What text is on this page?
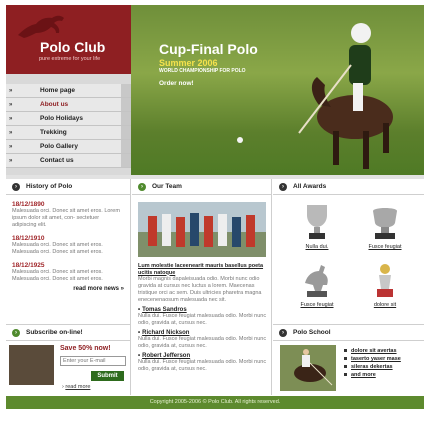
Polo Club
pure extreme for your life
»	Home page
»	About us
»	Polo Holidays
»	Trekking
»	Polo Gallery
»	Contact us
Cup-Final Polo
Summer 2006
WORLD CHAMPIONSHIP FOR POLO
Order now!
›	History of Polo
18/12/1890
Malesuada orci. Donec sit amet eros. Lorem ipsum dolor sit amet, con- sectetuer adipiscing elit.
18/12/1910
Malesuada orci. Donec sit amet eros. Malesuada orci. Donec sit amet eros.
18/12/1925
Malesuada orci. Donec sit amet eros. Malesuada orci. Donec sit amet eros.
read more news »
›	Subscribe on-line!
Save 50% now!
Enter your E-mail
Submit
› read more
›	Our Team
Lum molestie laceenearit mauris basellus poeta ucitis natoque
Morbi magnis dapaleisuada odio. Morbi nunc odio gravida at cursus nec luctus a lorem. Maecenas tristique orci ac sem. Duis ultricies pharetra magna enecenenaosum malesuada nec sit.
• Tomas Sandros
Nulla dui. Fusce feugiat malesuada odio. Morbi nunc odio, gravida at, cursus nec.
• Richard Nickson
Nulla dui. Fusce feugiat malesuada odio. Morbi nunc odio, gravida at, cursus nec.
• Robert Jefferson
Nulla dui. Fusce feugiat malesuada odio. Morbi nunc odio, gravida at, cursus nec.
›	All Awards
Nulla dui.	Fusce feugiat
Fusce feugiat	dolore sit
›	Polo School
dolore sit avertas
taserto yaser mase
sileras dekertas
and more
Copyright 2005-2006 © Polo Club. All rights reserved.
